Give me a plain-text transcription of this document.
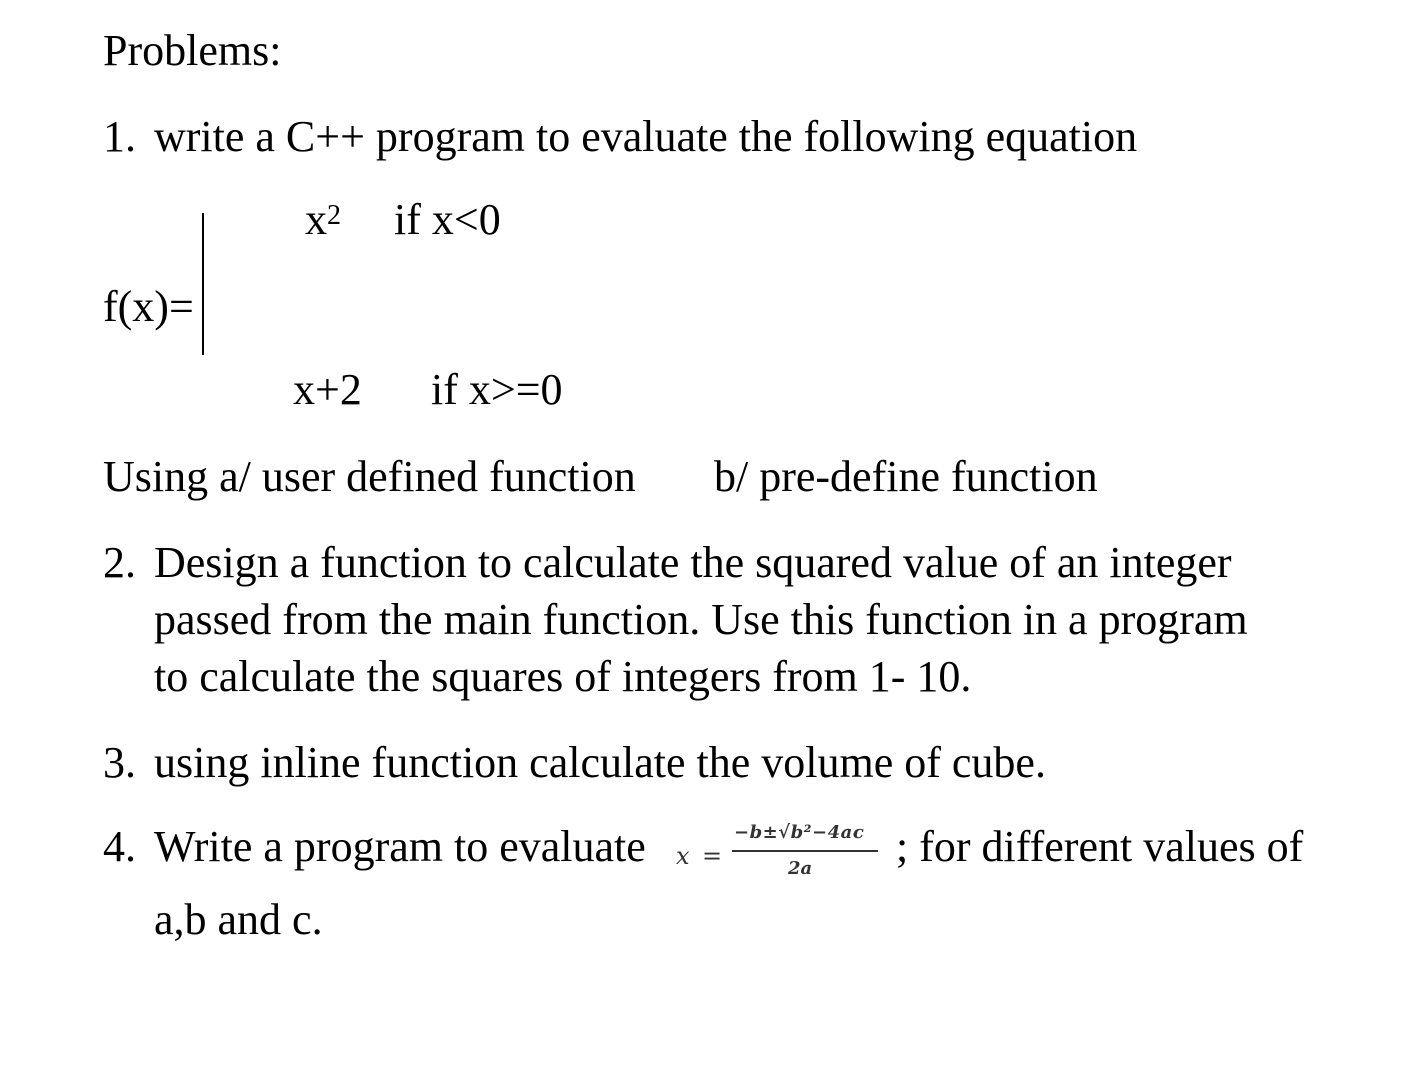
Problems:
1. write a C++ program to evaluate the following equation
$x^2$ if x<0
f(x)=
x+2 if x>=0
Using a/ user defined function b/ pre-define function
2. Design a function to calculate the squared value of an integer
passed from the main function. Use this function in a program
to calculate the squares of integers from 1- 10.
3. using inline function calculate the volume of cube.
4. Write a program to evaluate x =
−b±√b²−4ac
2a ; for different values of
a,b and c.
